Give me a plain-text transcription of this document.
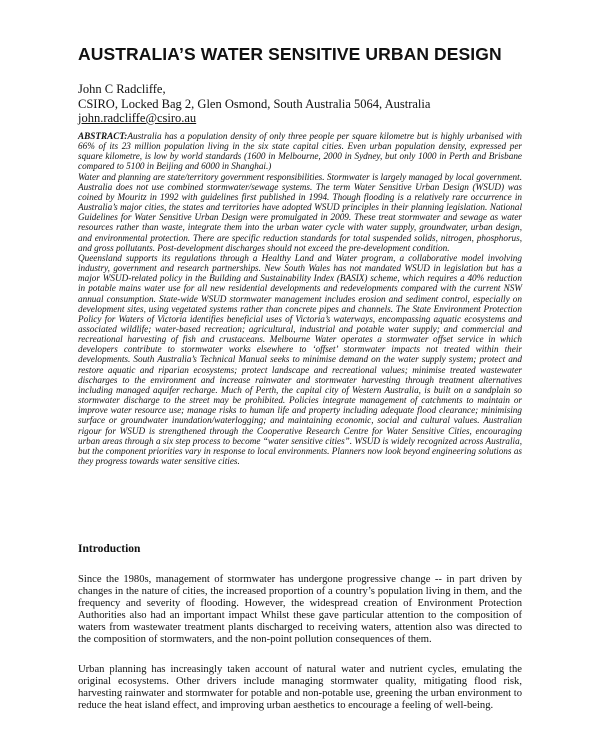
AUSTRALIA’S WATER SENSITIVE URBAN DESIGN
John C Radcliffe,
CSIRO, Locked Bag 2, Glen Osmond, South Australia 5064, Australia
john.radcliffe@csiro.au

ABSTRACT:Australia has a population density of only three people per square kilometre but is highly urbanised with 66% of its 23 million population living in the six state capital cities. Even urban population density, expressed per square kilometre, is low by world standards (1600 in Melbourne, 2000 in Sydney, but only 1000 in Perth and Brisbane compared to 5100 in Beijing and 6000 in Shanghai.)

Water and planning are state/territory government responsibilities. Stormwater is largely managed by local government. Australia does not use combined stormwater/sewage systems. The term Water Sensitive Urban Design (WSUD) was coined by Mouritz in 1992 with guidelines first published in 1994. Though flooding is a relatively rare occurrence in Australia’s major cities, the states and territories have adopted WSUD principles in their planning legislation. National Guidelines for Water Sensitive Urban Design were promulgated in 2009. These treat stormwater and sewage as water resources rather than waste, integrate them into the urban water cycle with water supply, groundwater, urban design, and environmental protection. There are specific reduction standards for total suspended solids, nitrogen, phosphorus, and gross pollutants. Post-development discharges should not exceed the pre-development condition.

Queensland supports its regulations through a Healthy Land and Water program, a collaborative model involving industry, government and research partnerships. New South Wales has not mandated WSUD in legislation but has a major WSUD-related policy in the Building and Sustainability Index (BASIX) scheme, which requires a 40% reduction in potable mains water use for all new residential developments and redevelopments compared with the current NSW annual consumption. State-wide WSUD stormwater management includes erosion and sediment control, especially on development sites, using vegetated systems rather than concrete pipes and channels. The State Environment Protection Policy for Waters of Victoria identifies beneficial uses of Victoria’s waterways, encompassing aquatic ecosystems and associated wildlife; water-based recreation; agricultural, industrial and potable water supply; and commercial and recreational harvesting of fish and crustaceans. Melbourne Water operates a stormwater offset service in which developers contribute to stormwater works elsewhere to ‘offset’ stormwater impacts not treated within their developments. South Australia’s Technical Manual seeks to minimise demand on the water supply system; protect and restore aquatic and riparian ecosystems; protect landscape and recreational values; minimise treated wastewater discharges to the environment and increase rainwater and stormwater harvesting through treatment alternatives including managed aquifer recharge. Much of Perth, the capital city of Western Australia, is built on a sandplain so stormwater discharge to the street may be prohibited. Policies integrate management of catchments to maintain or improve water resource use; manage risks to human life and property including adequate flood clearance; minimising surface or groundwater inundation/waterlogging; and maintaining economic, social and cultural values. Australian rigour for WSUD is strengthened through the Cooperative Research Centre for Water Sensitive Cities, encouraging urban areas through a six step process to become “water sensitive cities”. WSUD is widely recognized across Australia, but the component priorities vary in response to local environments. Planners now look beyond engineering solutions as they progress towards water sensitive cities.

Introduction

Since the 1980s, management of stormwater has undergone progressive change -- in part driven by changes in the nature of cities, the increased proportion of a country’s population living in them, and the frequency and severity of flooding. However, the widespread creation of Environment Protection Authorities also had an important impact Whilst these gave particular attention to the composition of waters from wastewater treatment plants discharged to receiving waters, attention also was directed to the composition of stormwaters, and the non-point pollution consequences of them.

Urban planning has increasingly taken account of natural water and nutrient cycles, emulating the original ecosystems. Other drivers include managing stormwater quality, mitigating flood risk, harvesting rainwater and stormwater for potable and non-potable use, greening the urban environment to reduce the heat island effect, and improving urban aesthetics to encourage a feeling of well-being.
